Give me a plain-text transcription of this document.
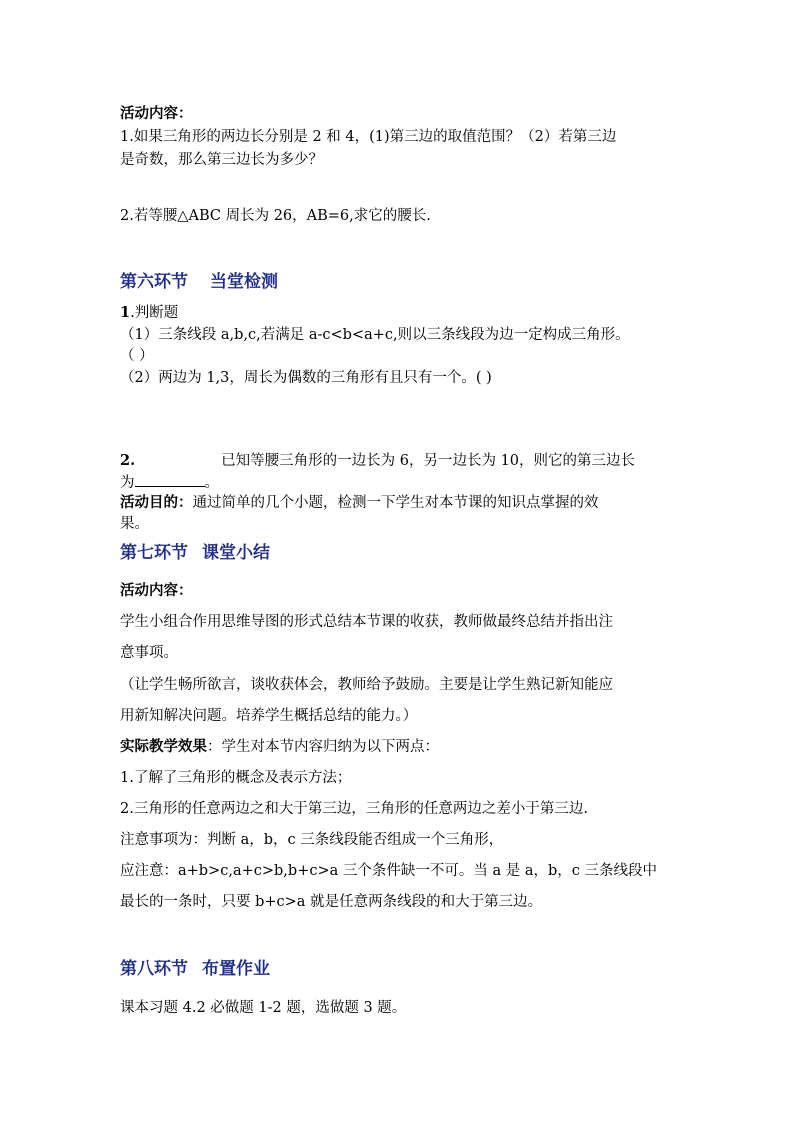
活动内容：
1.如果三角形的两边长分别是 2 和 4，(1)第三边的取值范围？（2）若第三边
是奇数，那么第三边长为多少？
2.若等腰△ABC 周长为 26，AB=6,求它的腰长.
第六环节 当堂检测
1.判断题
（1）三条线段 a,b,c,若满足 a-c<b<a+c,则以三条线段为边一定构成三角形。
（ ）
（2）两边为 1,3，周长为偶数的三角形有且只有一个。( )
2.	已知等腰三角形的一边长为 6，另一边长为 10，则它的第三边长
为	。
活动目的：通过简单的几个小题，检测一下学生对本节课的知识点掌握的效
果。
第七环节 课堂小结
活动内容：
学生小组合作用思维导图的形式总结本节课的收获，教师做最终总结并指出注
意事项。
（让学生畅所欲言，谈收获体会，教师给予鼓励。主要是让学生熟记新知能应
用新知解决问题。培养学生概括总结的能力。）
实际教学效果：学生对本节内容归纳为以下两点：
1.了解了三角形的概念及表示方法；
2.三角形的任意两边之和大于第三边，三角形的任意两边之差小于第三边.
注意事项为：判断 a，b，c 三条线段能否组成一个三角形，
应注意：a+b>c,a+c>b,b+c>a 三个条件缺一不可。当 a 是 a，b，c 三条线段中
最长的一条时，只要 b+c>a 就是任意两条线段的和大于第三边。
第八环节 布置作业
课本习题 4.2 必做题 1-2 题，选做题 3 题。
